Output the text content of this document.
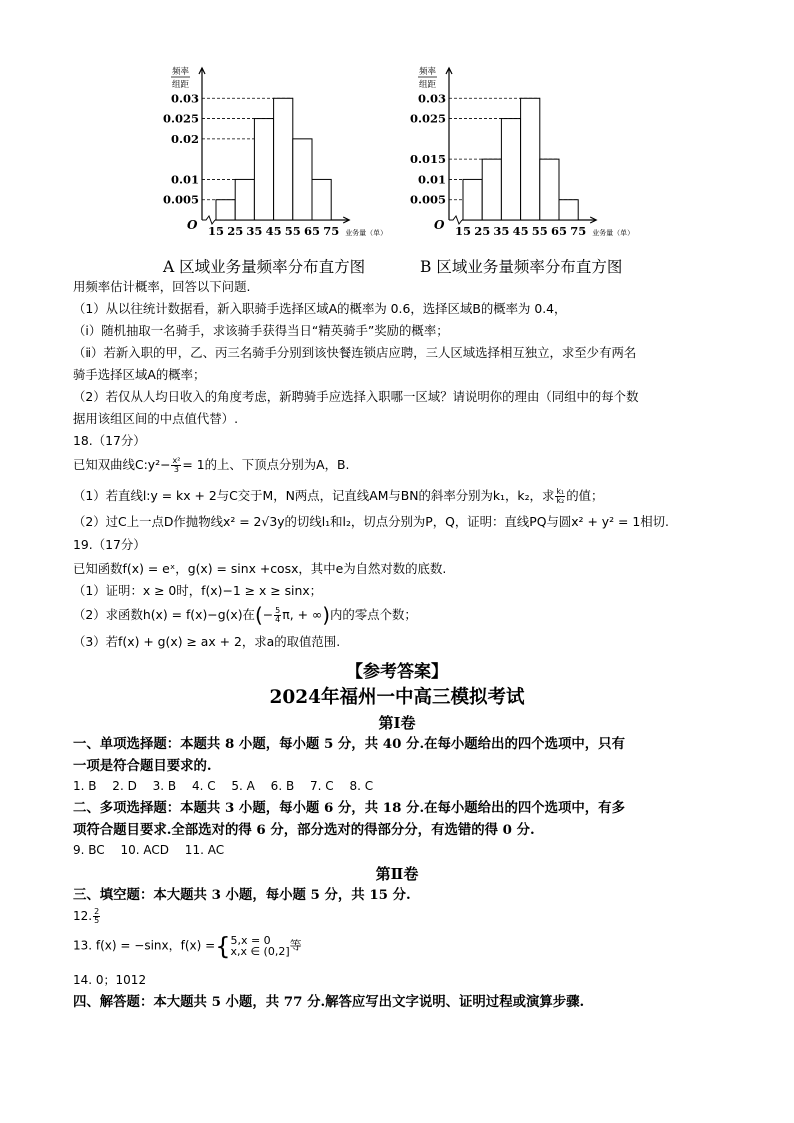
频率
组距
O
0.005
0.01
0.02
0.025
0.03
15 25 35 45 55 65 75 业务量（单）
频率
组距
O
0.005
0.01
0.015
0.025
0.03
15 25 35 45 55 65 75 业务量（单）
A 区域业务量频率分布直方图	B 区域业务量频率分布直方图
用频率估计概率，回答以下问题.
（1）从以往统计数据看，新入职骑手选择区域A的概率为 0.6，选择区域B的概率为 0.4，
（ⅰ）随机抽取一名骑手，求该骑手获得当日“精英骑手”奖励的概率；
（ⅱ）若新入职的甲，乙、丙三名骑手分别到该快餐连锁店应聘，三人区域选择相互独立，求至少有两名
骑手选择区域A的概率；
（2）若仅从人均日收入的角度考虑，新聘骑手应选择入职哪一区域？请说明你的理由（同组中的每个数
据用该组区间的中点值代替）.
18.（17分）
已知双曲线C:y²− $\frac{\text{x²}}{3} = 1$的上、下顶点分别为A，B.
（1）若直线l:y = kx + 2与C交于M，N两点，记直线AM与BN的斜率分别为k₁，k₂，求 $\frac{\text{k₁}}{\text{k₂}}$ 的值；
（2）过C上一点D作抛物线x² = 2√3y的切线l₁和l₂，切点分别为P，Q，证明：直线PQ与圆x² + y² = 1相切.
19.（17分）
已知函数f(x) = eˣ，g(x) = sinx +cosx，其中e为自然对数的底数.
（1）证明：x ≥ 0时，f(x)−1 ≥ x ≥ sinx；
（2）求函数h(x) = f(x)−g(x)在(− $\frac{5}{4} \pi$, + ∞)内的零点个数；
（3）若f(x) + g(x) ≥ ax + 2，求a的取值范围.
【参考答案】
2024年福州一中高三模拟考试
第Ⅰ卷
一、单项选择题：本题共 8 小题，每小题 5 分，共 40 分.在每小题给出的四个选项中，只有
一项是符合题目要求的.
1. B　 2. D　 3. B　 4. C　 5. A　 6. B　 7. C　 8. C
二、多项选择题：本题共 3 小题，每小题 6 分，共 18 分.在每小题给出的四个选项中，有多
项符合题目要求.全部选对的得 6 分，部分选对的得部分分，有选错的得 0 分.
9. BC　 10. ACD　 11. AC
第Ⅱ卷
三、填空题：本大题共 3 小题，每小题 5 分，共 15 分.
12. $\frac{2}{5}$
13. f(x) = −sinx，f(x) ={ 5,x = 0
x,x ∈ (0,2] 等
14. 0；1012
四、解答题：本大题共 5 小题，共 77 分.解答应写出文字说明、证明过程或演算步骤.
